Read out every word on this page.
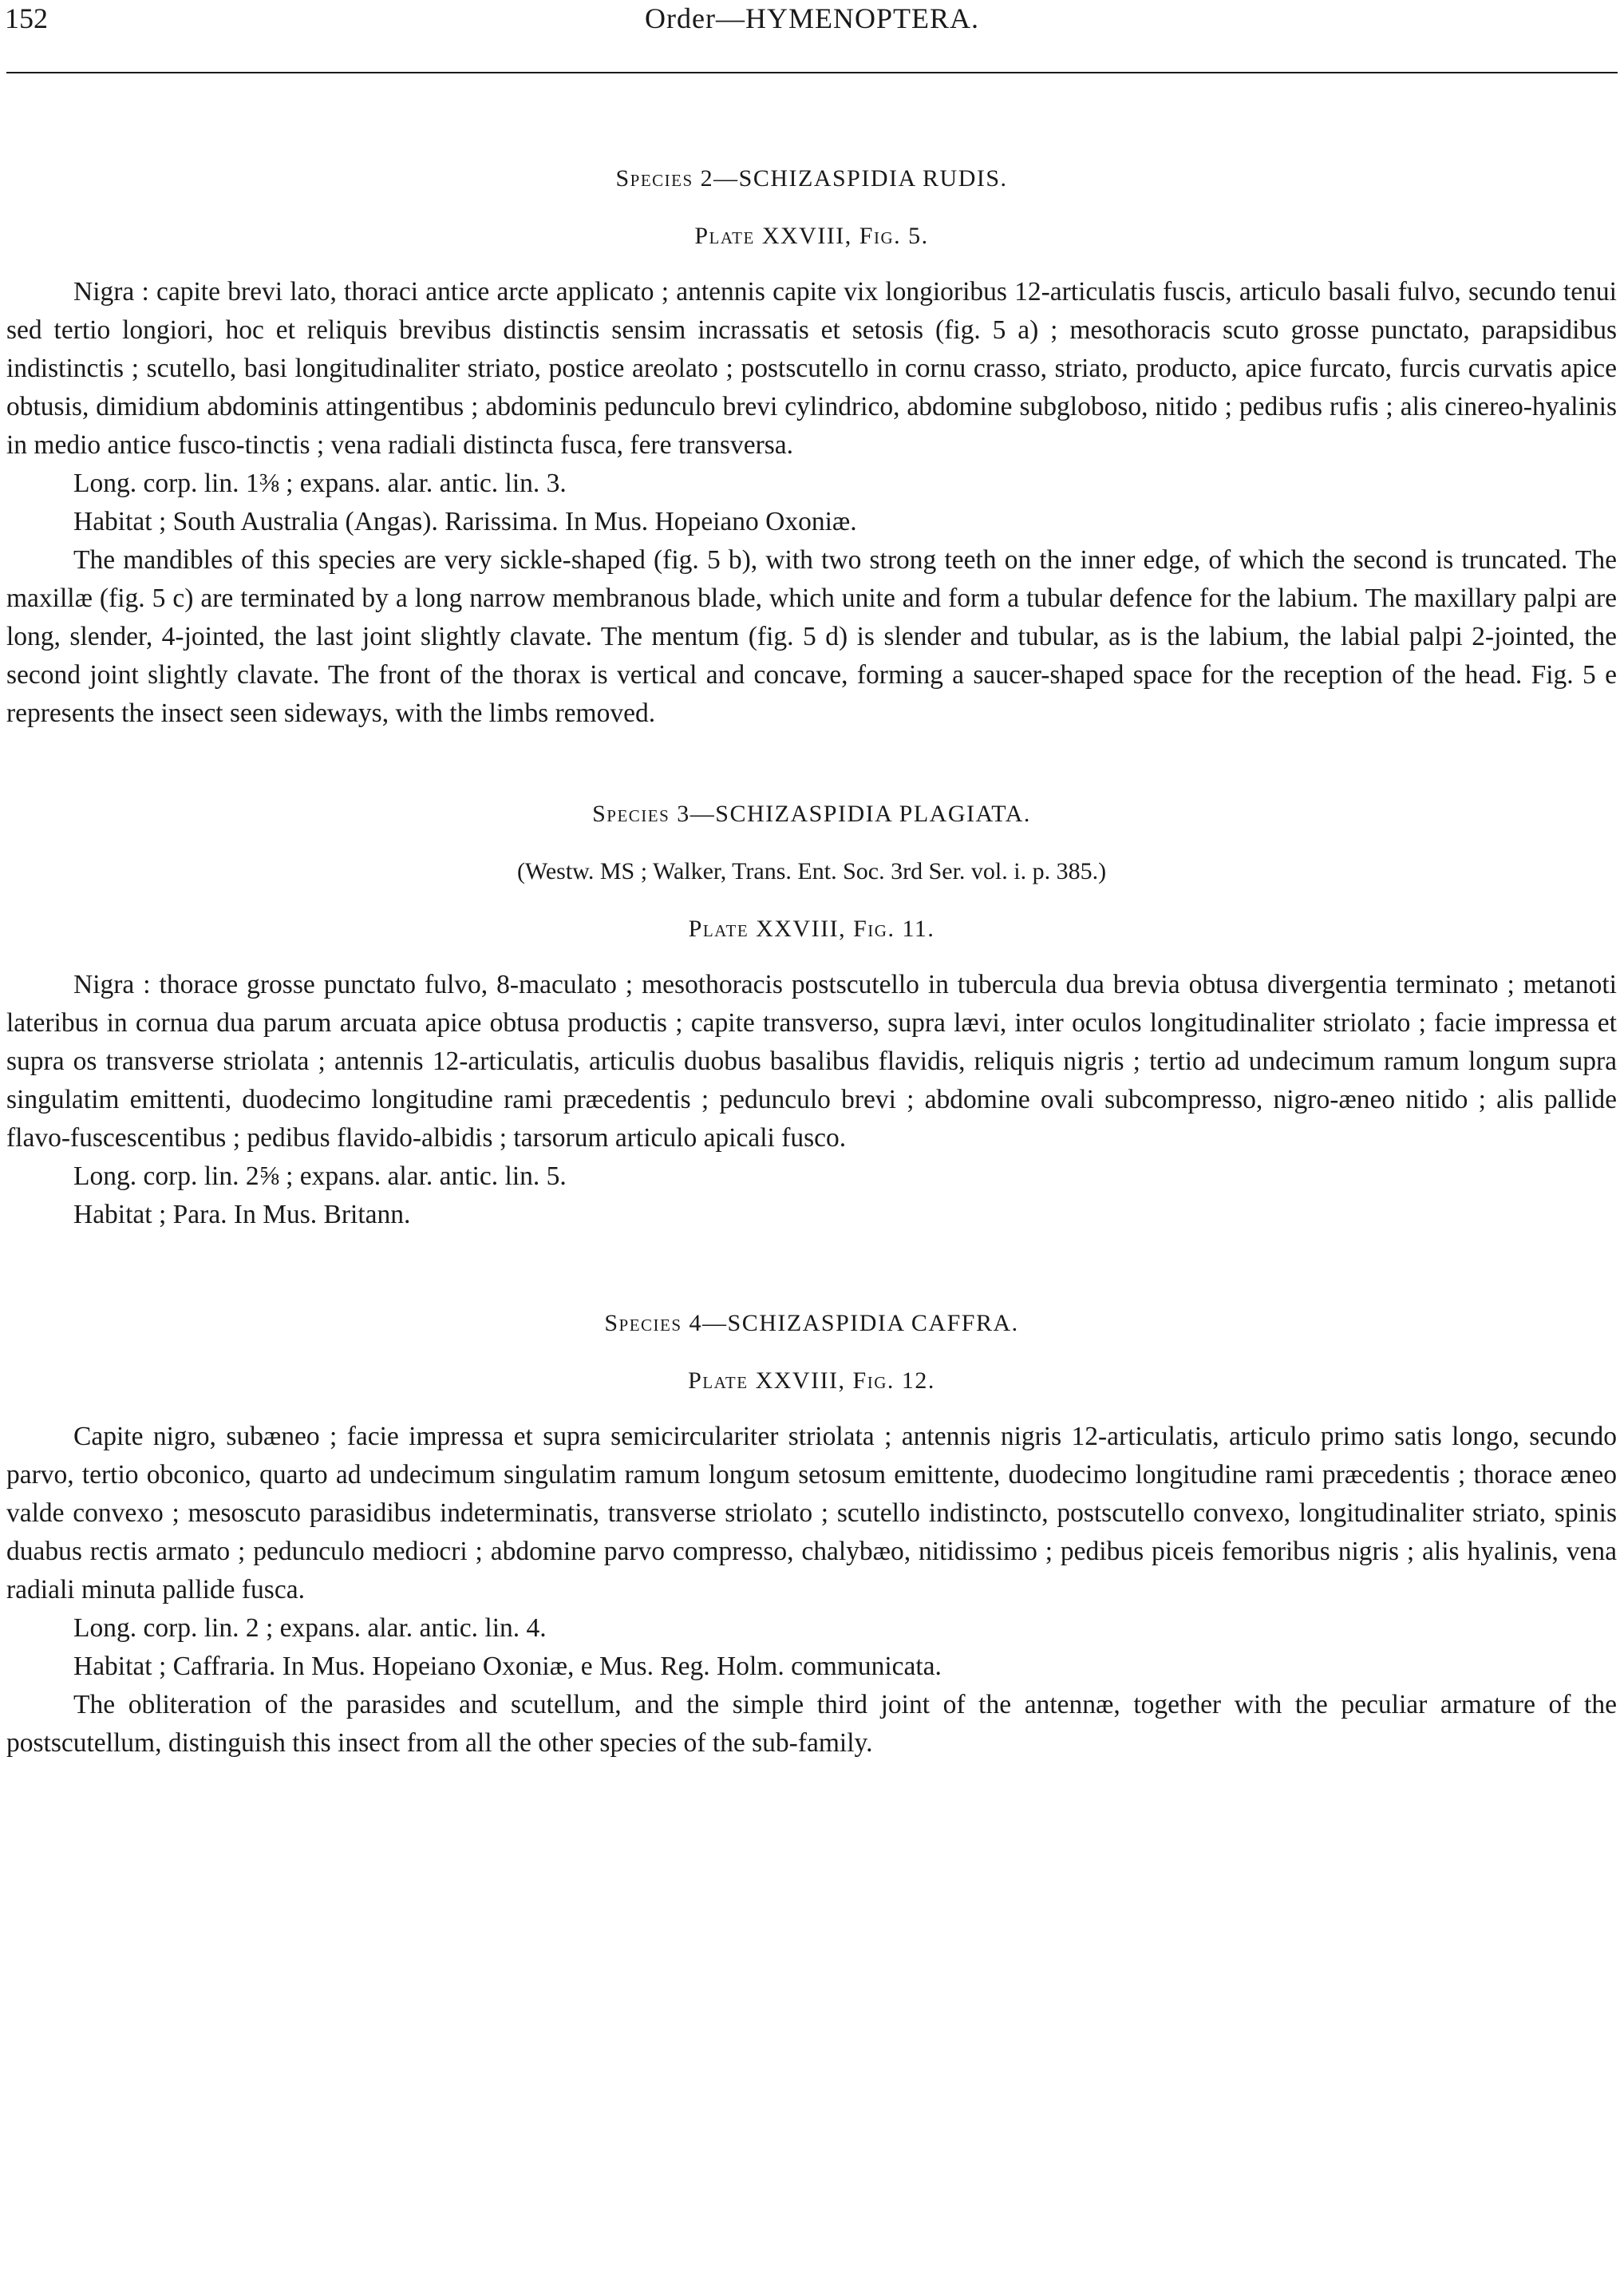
152	Order—HYMENOPTERA.
Species 2—SCHIZASPIDIA RUDIS.
Plate XXVIII, Fig. 5.

Nigra : capite brevi lato, thoraci antice arcte applicato ; antennis capite vix longioribus 12-articulatis fuscis, articulo basali fulvo, secundo tenui sed tertio longiori, hoc et reliquis brevibus distinctis sensim incrassatis et setosis (fig. 5 a) ; mesothoracis scuto grosse punctato, parapsidibus indistinctis ; scutello, basi longitudinaliter striato, postice areolato ; postscutello in cornu crasso, striato, producto, apice furcato, furcis curvatis apice obtusis, dimidium abdominis attingentibus ; abdominis pedunculo brevi cylindrico, abdomine subgloboso, nitido ; pedibus rufis ; alis cinereo-hyalinis in medio antice fusco-tinctis ; vena radiali distincta fusca, fere transversa.

Long. corp. lin. 1⅜ ; expans. alar. antic. lin. 3.

Habitat ; South Australia (Angas). Rarissima. In Mus. Hopeiano Oxoniæ.

The mandibles of this species are very sickle-shaped (fig. 5 b), with two strong teeth on the inner edge, of which the second is truncated. The maxillæ (fig. 5 c) are terminated by a long narrow membranous blade, which unite and form a tubular defence for the labium. The maxillary palpi are long, slender, 4-jointed, the last joint slightly clavate. The mentum (fig. 5 d) is slender and tubular, as is the labium, the labial palpi 2-jointed, the second joint slightly clavate. The front of the thorax is vertical and concave, forming a saucer-shaped space for the reception of the head. Fig. 5 e represents the insect seen sideways, with the limbs removed.

Species 3—SCHIZASPIDIA PLAGIATA.
(Westw. MS ; Walker, Trans. Ent. Soc. 3rd Ser. vol. i. p. 385.)
Plate XXVIII, Fig. 11.

Nigra : thorace grosse punctato fulvo, 8-maculato ; mesothoracis postscutello in tubercula dua brevia obtusa divergentia terminato ; metanoti lateribus in cornua dua parum arcuata apice obtusa productis ; capite transverso, supra lævi, inter oculos longitudinaliter striolato ; facie impressa et supra os transverse striolata ; antennis 12-articulatis, articulis duobus basalibus flavidis, reliquis nigris ; tertio ad undecimum ramum longum supra singulatim emittenti, duodecimo longitudine rami præcedentis ; pedunculo brevi ; abdomine ovali subcompresso, nigro-æneo nitido ; alis pallide flavo-fuscescentibus ; pedibus flavido-albidis ; tarsorum articulo apicali fusco.

Long. corp. lin. 2⅝ ; expans. alar. antic. lin. 5.

Habitat ; Para. In Mus. Britann.

Species 4—SCHIZASPIDIA CAFFRA.
Plate XXVIII, Fig. 12.

Capite nigro, subæneo ; facie impressa et supra semicirculariter striolata ; antennis nigris 12-articulatis, articulo primo satis longo, secundo parvo, tertio obconico, quarto ad undecimum singulatim ramum longum setosum emittente, duodecimo longitudine rami præcedentis ; thorace æneo valde convexo ; mesoscuto parasidibus indeterminatis, transverse striolato ; scutello indistincto, postscutello convexo, longitudinaliter striato, spinis duabus rectis armato ; pedunculo mediocri ; abdomine parvo compresso, chalybæo, nitidissimo ; pedibus piceis femoribus nigris ; alis hyalinis, vena radiali minuta pallide fusca.

Long. corp. lin. 2 ; expans. alar. antic. lin. 4.

Habitat ; Caffraria. In Mus. Hopeiano Oxoniæ, e Mus. Reg. Holm. communicata.

The obliteration of the parasides and scutellum, and the simple third joint of the antennæ, together with the peculiar armature of the postscutellum, distinguish this insect from all the other species of the sub-family.
